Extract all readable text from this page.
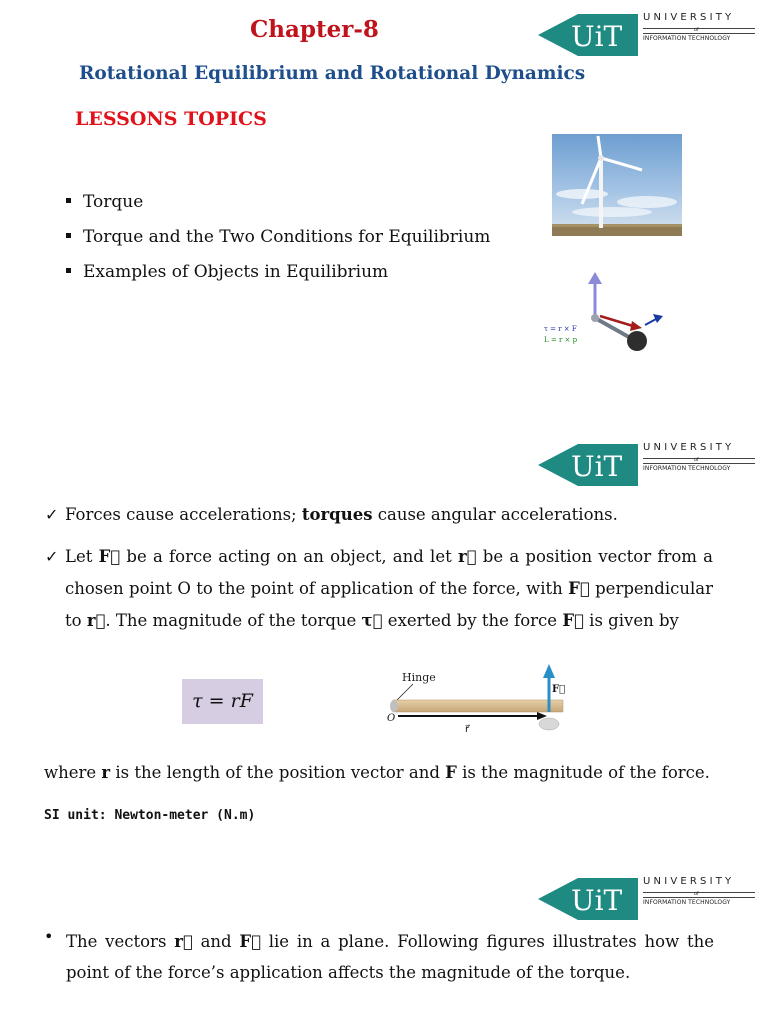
Chapter-8	UiT
UNIVERSITY
of
INFORMATION TECHNOLOGY
Rotational Equilibrium and Rotational Dynamics
LESSONS TOPICS
Torque
Torque and the Two Conditions for Equilibrium
Examples of Objects in Equilibrium
τ = r × F
L = r × p
UiT
UNIVERSITY
of
INFORMATION TECHNOLOGY
✓ Forces cause accelerations; torques cause angular accelerations.
✓ Let F⃗ be a force acting on an object, and let r⃗ be a position vector from a chosen point O to the point of application of the force, with F⃗ perpendicular to r⃗. The magnitude of the torque τ⃗ exerted by the force F⃗ is given by
τ = rF
Hinge
F⃗
O
r⃗
where r is the length of the position vector and F is the magnitude of the force.
SI unit: Newton-meter (N.m)
UiT
UNIVERSITY
of
INFORMATION TECHNOLOGY
• The vectors r⃗ and F⃗ lie in a plane. Following figures illustrates how the point of the force’s application affects the magnitude of the torque.
